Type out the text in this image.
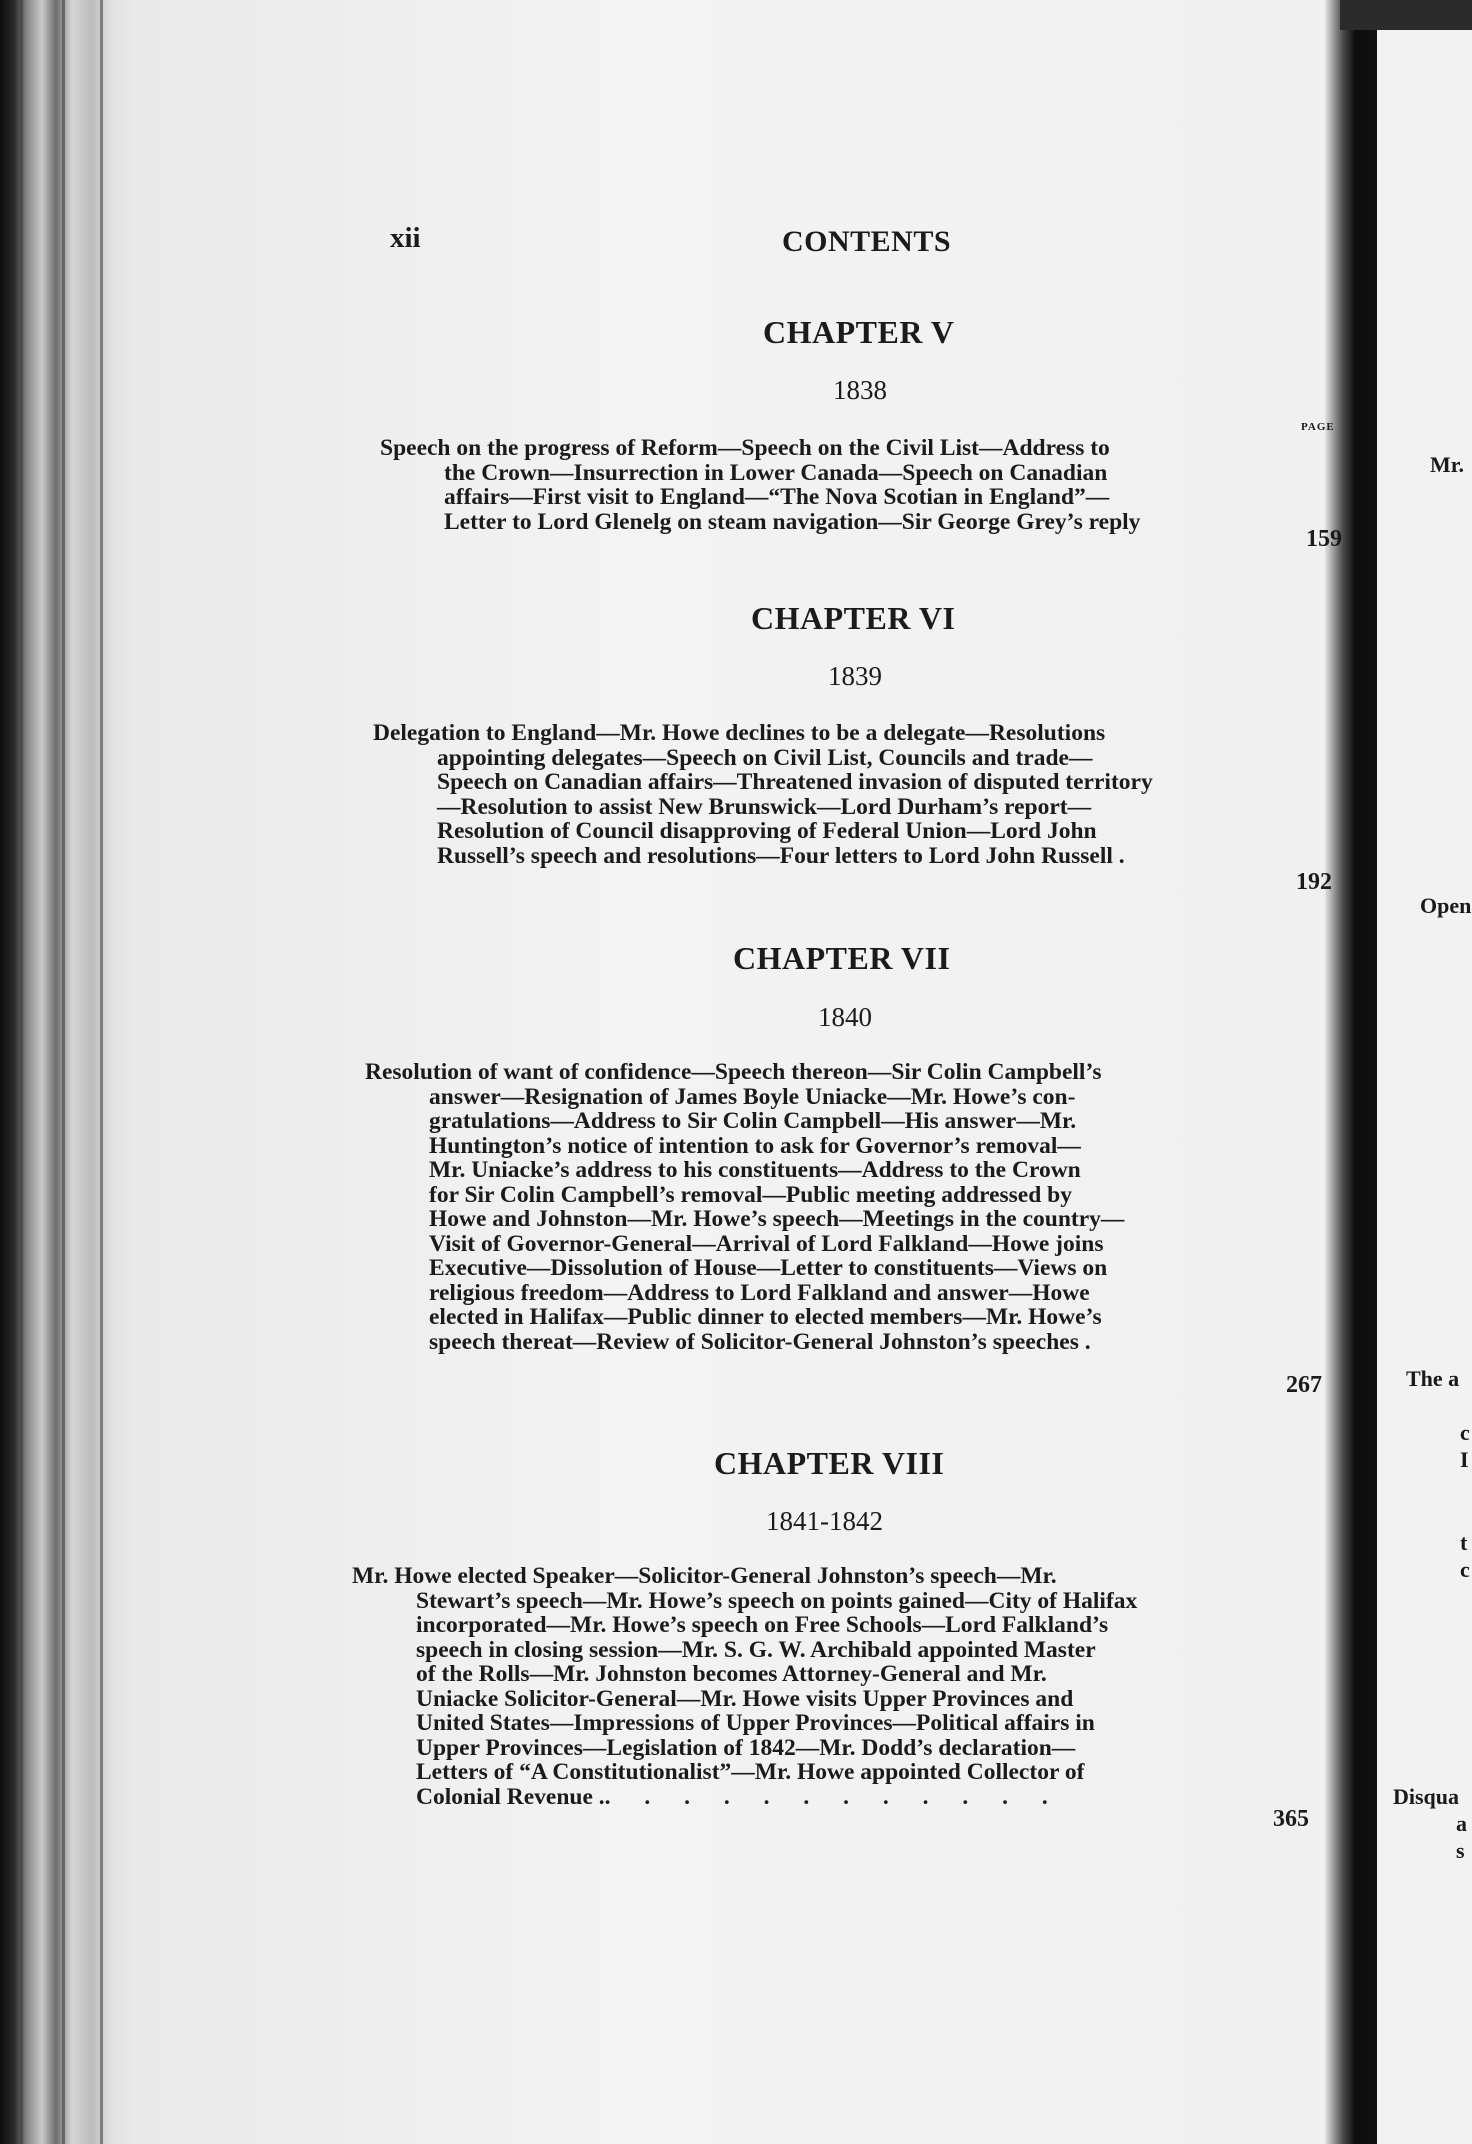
xii	CONTENTS
PAGE
CHAPTER V
1838
Speech on the progress of Reform—Speech on the Civil List—Address to
the Crown—Insurrection in Lower Canada—Speech on Canadian
affairs—First visit to England—“The Nova Scotian in England”—
Letter to Lord Glenelg on steam navigation—Sir George Grey’s reply
159
CHAPTER VI
1839
Delegation to England—Mr. Howe declines to be a delegate—Resolutions
appointing delegates—Speech on Civil List, Councils and trade—
Speech on Canadian affairs—Threatened invasion of disputed territory
—Resolution to assist New Brunswick—Lord Durham’s report—
Resolution of Council disapproving of Federal Union—Lord John
Russell’s speech and resolutions—Four letters to Lord John Russell .
192
CHAPTER VII
1840
Resolution of want of confidence—Speech thereon—Sir Colin Campbell’s
answer—Resignation of James Boyle Uniacke—Mr. Howe’s con-
gratulations—Address to Sir Colin Campbell—His answer—Mr.
Huntington’s notice of intention to ask for Governor’s removal—
Mr. Uniacke’s address to his constituents—Address to the Crown
for Sir Colin Campbell’s removal—Public meeting addressed by
Howe and Johnston—Mr. Howe’s speech—Meetings in the country—
Visit of Governor-General—Arrival of Lord Falkland—Howe joins
Executive—Dissolution of House—Letter to constituents—Views on
religious freedom—Address to Lord Falkland and answer—Howe
elected in Halifax—Public dinner to elected members—Mr. Howe’s
speech thereat—Review of Solicitor-General Johnston’s speeches .
267
CHAPTER VIII
1841-1842
Mr. Howe elected Speaker—Solicitor-General Johnston’s speech—Mr.
Stewart’s speech—Mr. Howe’s speech on points gained—City of Halifax
incorporated—Mr. Howe’s speech on Free Schools—Lord Falkland’s
speech in closing session—Mr. S. G. W. Archibald appointed Master
of the Rolls—Mr. Johnston becomes Attorney-General and Mr.
Uniacke Solicitor-General—Mr. Howe visits Upper Provinces and
United States—Impressions of Upper Provinces—Political affairs in
Upper Provinces—Legislation of 1842—Mr. Dodd’s declaration—
Letters of “A Constitutionalist”—Mr. Howe appointed Collector of
Colonial Revenue .. . . . . . . . . . . .
365
Mr.
Open
The a
c
I
t
c
Disqua
a
s
